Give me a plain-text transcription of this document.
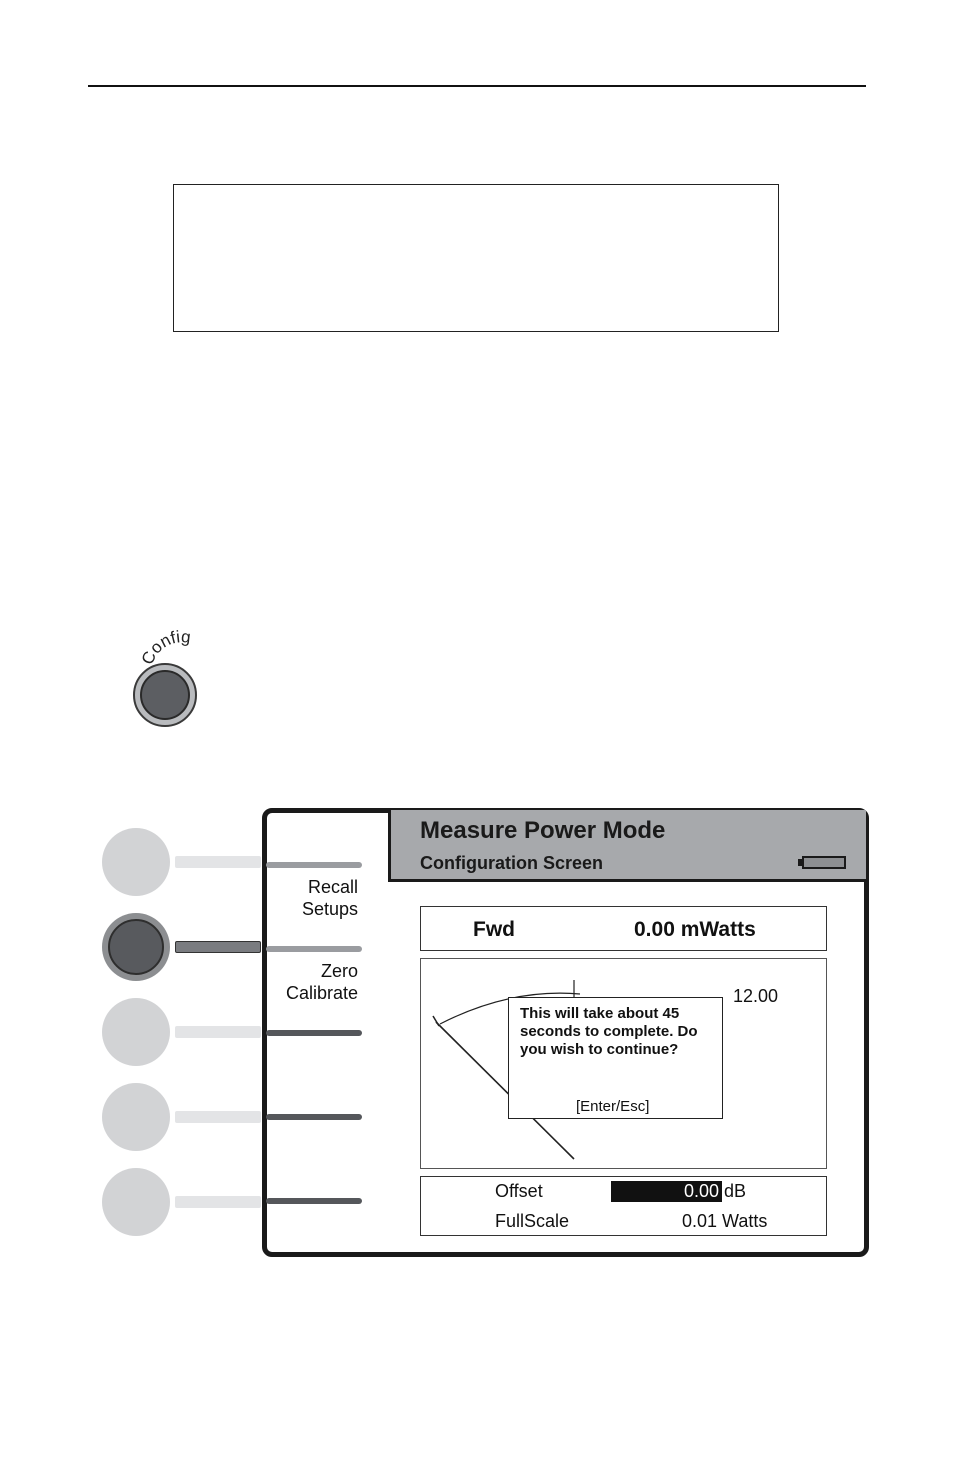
Config
Measure Power Mode
Configuration Screen
Recall
Setups
Zero
Calibrate
Fwd	0.00 mWatts
12.00
This will take about 45 seconds to complete. Do you wish to continue?
[Enter/Esc]
Offset	0.00 dB
FullScale	0.01 Watts
